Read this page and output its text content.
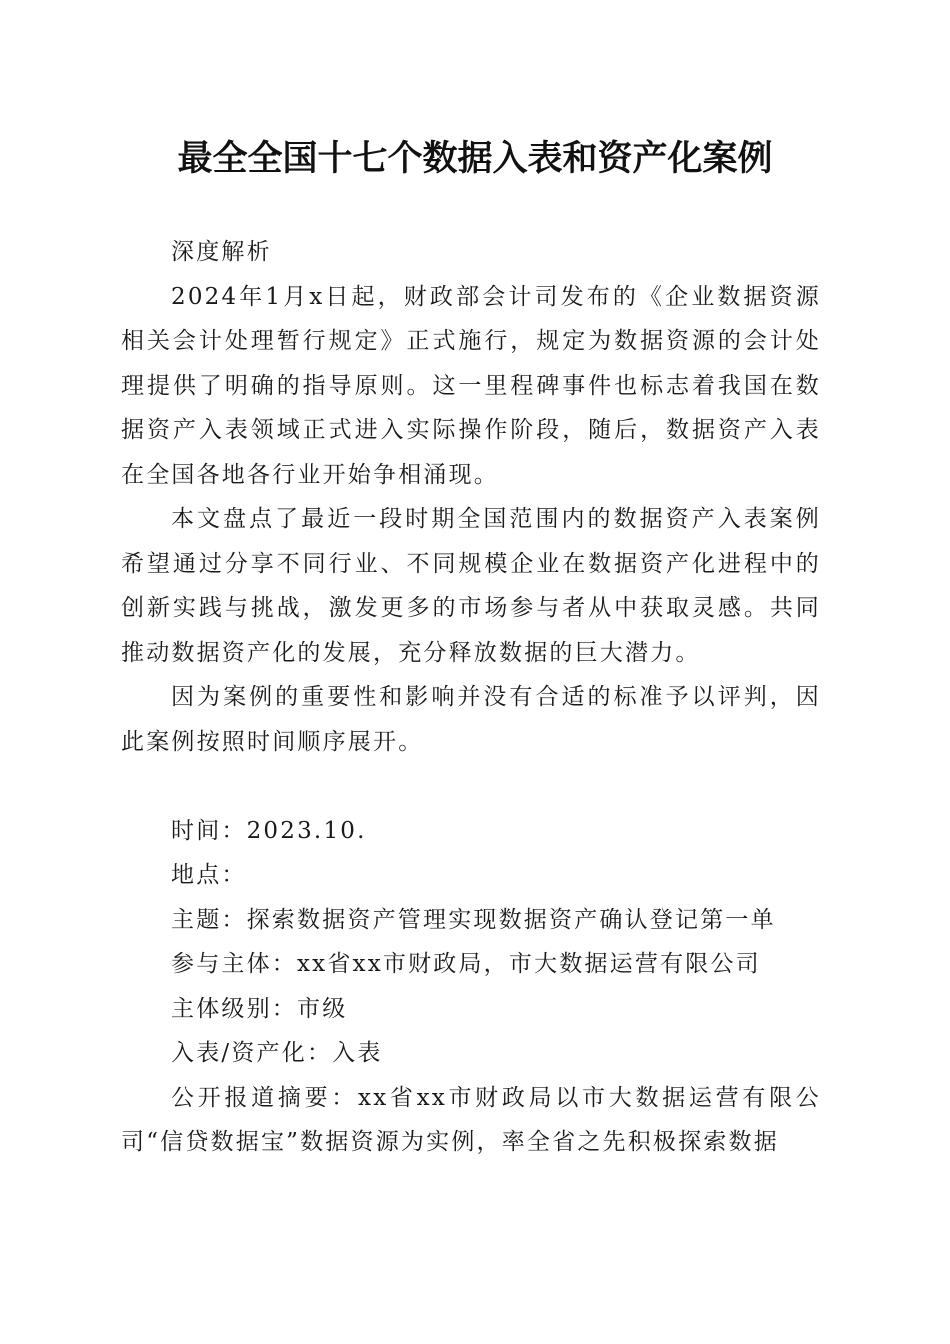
最全全国十七个数据入表和资产化案例

深度解析

2024年1月x日起，财政部会计司发布的《企业数据资源相关会计处理暂行规定》正式施行，规定为数据资源的会计处理提供了明确的指导原则。这一里程碑事件也标志着我国在数据资产入表领域正式进入实际操作阶段，随后，数据资产入表在全国各地各行业开始争相涌现。

本文盘点了最近一段时期全国范围内的数据资产入表案例希望通过分享不同行业、不同规模企业在数据资产化进程中的创新实践与挑战，激发更多的市场参与者从中获取灵感。共同推动数据资产化的发展，充分释放数据的巨大潜力。

因为案例的重要性和影响并没有合适的标准予以评判，因此案例按照时间顺序展开。

时间：2023.10.

地点：

主题：探索数据资产管理实现数据资产确认登记第一单

参与主体：xx省xx市财政局，市大数据运营有限公司

主体级别：市级

入表/资产化：入表

公开报道摘要：xx省xx市财政局以市大数据运营有限公司“信贷数据宝”数据资源为实例，率全省之先积极探索数据
